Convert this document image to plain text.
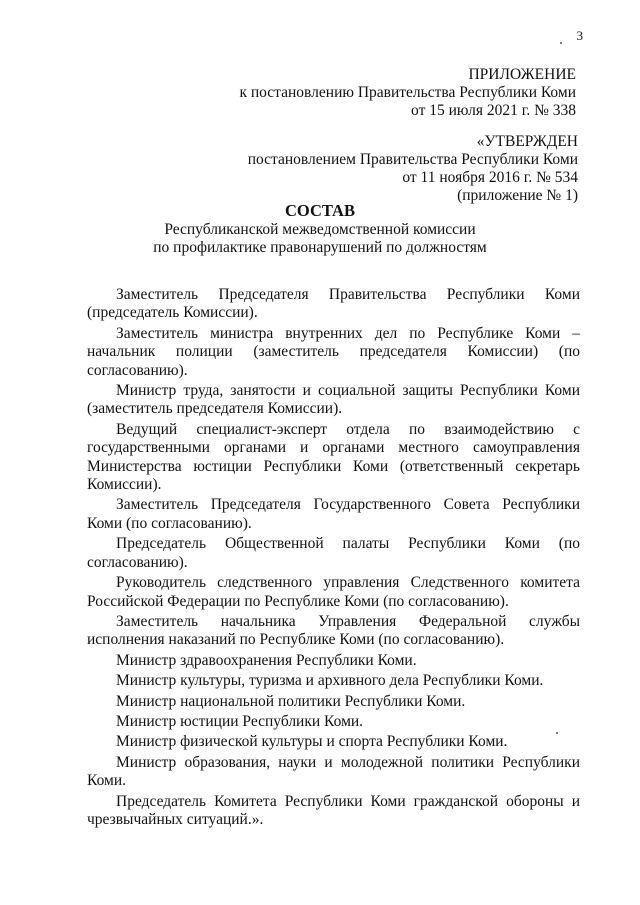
3
ПРИЛОЖЕНИЕ
к постановлению Правительства Республики Коми
от 15 июля 2021 г. № 338
«УТВЕРЖДЕН
постановлением Правительства Республики Коми
от 11 ноября 2016 г. № 534
(приложение № 1)
СОСТАВ
Республиканской межведомственной комиссии
по профилактике правонарушений по должностям

Заместитель Председателя Правительства Республики Коми (председатель Комиссии).

Заместитель министра внутренних дел по Республике Коми – начальник полиции (заместитель председателя Комиссии) (по согласованию).

Министр труда, занятости и социальной защиты Республики Коми (заместитель председателя Комиссии).

Ведущий специалист-эксперт отдела по взаимодействию с государственными органами и органами местного самоуправления Министерства юстиции Республики Коми (ответственный секретарь Комиссии).

Заместитель Председателя Государственного Совета Республики Коми (по согласованию).

Председатель Общественной палаты Республики Коми (по согласованию).

Руководитель следственного управления Следственного комитета Российской Федерации по Республике Коми (по согласованию).

Заместитель начальника Управления Федеральной службы исполнения наказаний по Республике Коми (по согласованию).

Министр здравоохранения Республики Коми.

Министр культуры, туризма и архивного дела Республики Коми.

Министр национальной политики Республики Коми.

Министр юстиции Республики Коми.

Министр физической культуры и спорта Республики Коми.

Министр образования, науки и молодежной политики Республики Коми.

Председатель Комитета Республики Коми гражданской обороны и чрезвычайных ситуаций.».
